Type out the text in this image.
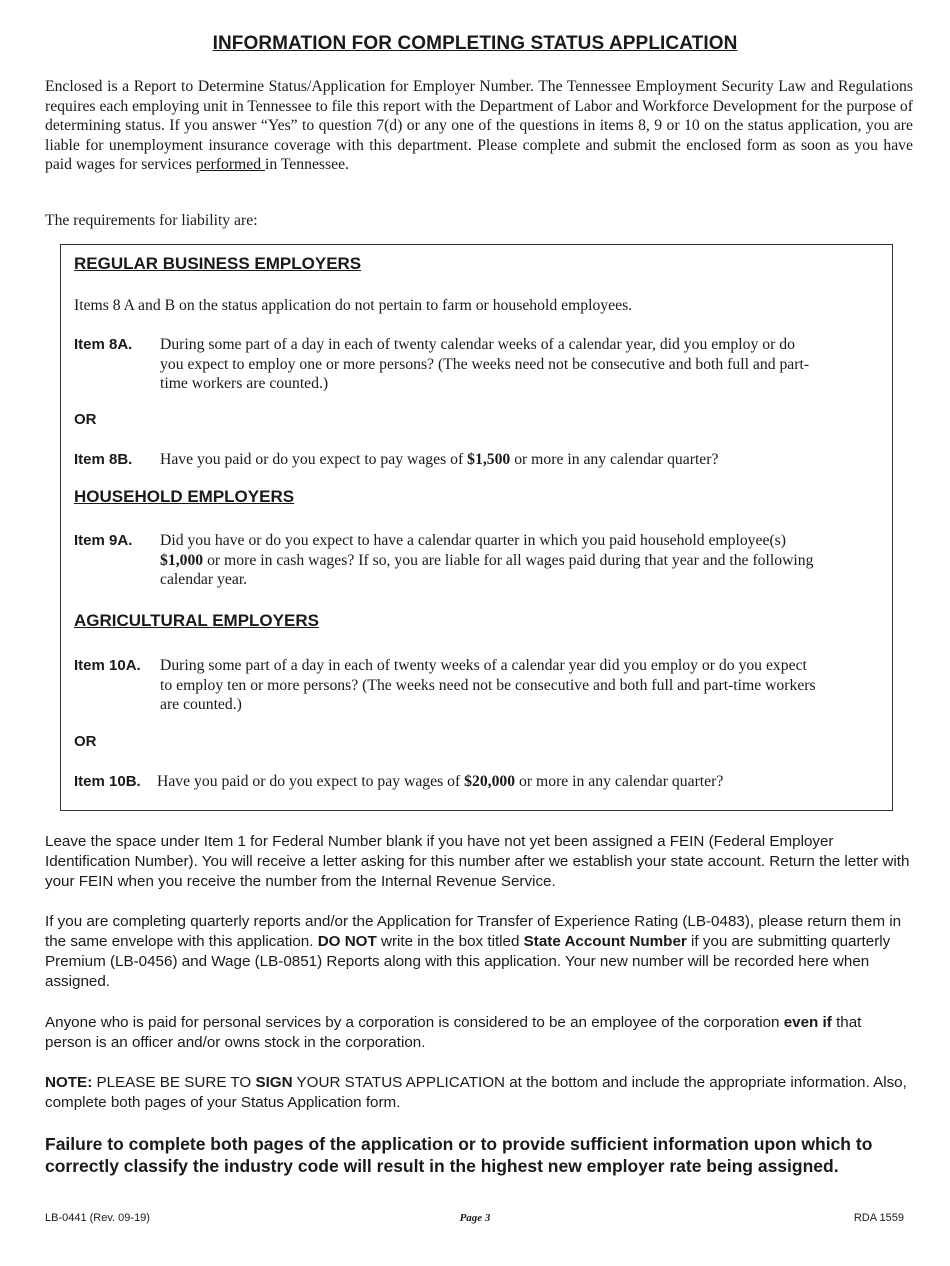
INFORMATION FOR COMPLETING STATUS APPLICATION

Enclosed is a Report to Determine Status/Application for Employer Number. The Tennessee Employment Security Law and Regulations requires each employing unit in Tennessee to file this report with the Department of Labor and Workforce Development for the purpose of determining status. If you answer “Yes” to question 7(d) or any one of the questions in items 8, 9 or 10 on the status application, you are liable for unemployment insurance coverage with this department. Please complete and submit the enclosed form as soon as you have paid wages for services performed in Tennessee.

The requirements for liability are:
REGULAR BUSINESS EMPLOYERS
Items 8 A and B on the status application do not pertain to farm or household employees.
Item 8A. During some part of a day in each of twenty calendar weeks of a calendar year, did you employ or do you expect to employ one or more persons? (The weeks need not be consecutive and both full and part-time workers are counted.)
OR
Item 8B. Have you paid or do you expect to pay wages of $1,500 or more in any calendar quarter?
HOUSEHOLD EMPLOYERS
Item 9A. Did you have or do you expect to have a calendar quarter in which you paid household employee(s) $1,000 or more in cash wages? If so, you are liable for all wages paid during that year and the following calendar year.
AGRICULTURAL EMPLOYERS
Item 10A. During some part of a day in each of twenty weeks of a calendar year did you employ or do you expect to employ ten or more persons? (The weeks need not be consecutive and both full and part-time workers are counted.)
OR
Item 10B. Have you paid or do you expect to pay wages of $20,000 or more in any calendar quarter?

Leave the space under Item 1 for Federal Number blank if you have not yet been assigned a FEIN (Federal Employer Identification Number). You will receive a letter asking for this number after we establish your state account. Return the letter with your FEIN when you receive the number from the Internal Revenue Service.

If you are completing quarterly reports and/or the Application for Transfer of Experience Rating (LB-0483), please return them in the same envelope with this application. DO NOT write in the box titled State Account Number if you are submitting quarterly Premium (LB-0456) and Wage (LB-0851) Reports along with this application. Your new number will be recorded here when assigned.

Anyone who is paid for personal services by a corporation is considered to be an employee of the corporation even if that person is an officer and/or owns stock in the corporation.

NOTE: PLEASE BE SURE TO SIGN YOUR STATUS APPLICATION at the bottom and include the appropriate information. Also, complete both pages of your Status Application form.

Failure to complete both pages of the application or to provide sufficient information upon which to correctly classify the industry code will result in the highest new employer rate being assigned.

LB-0441 (Rev. 09-19)	Page 3	RDA 1559
